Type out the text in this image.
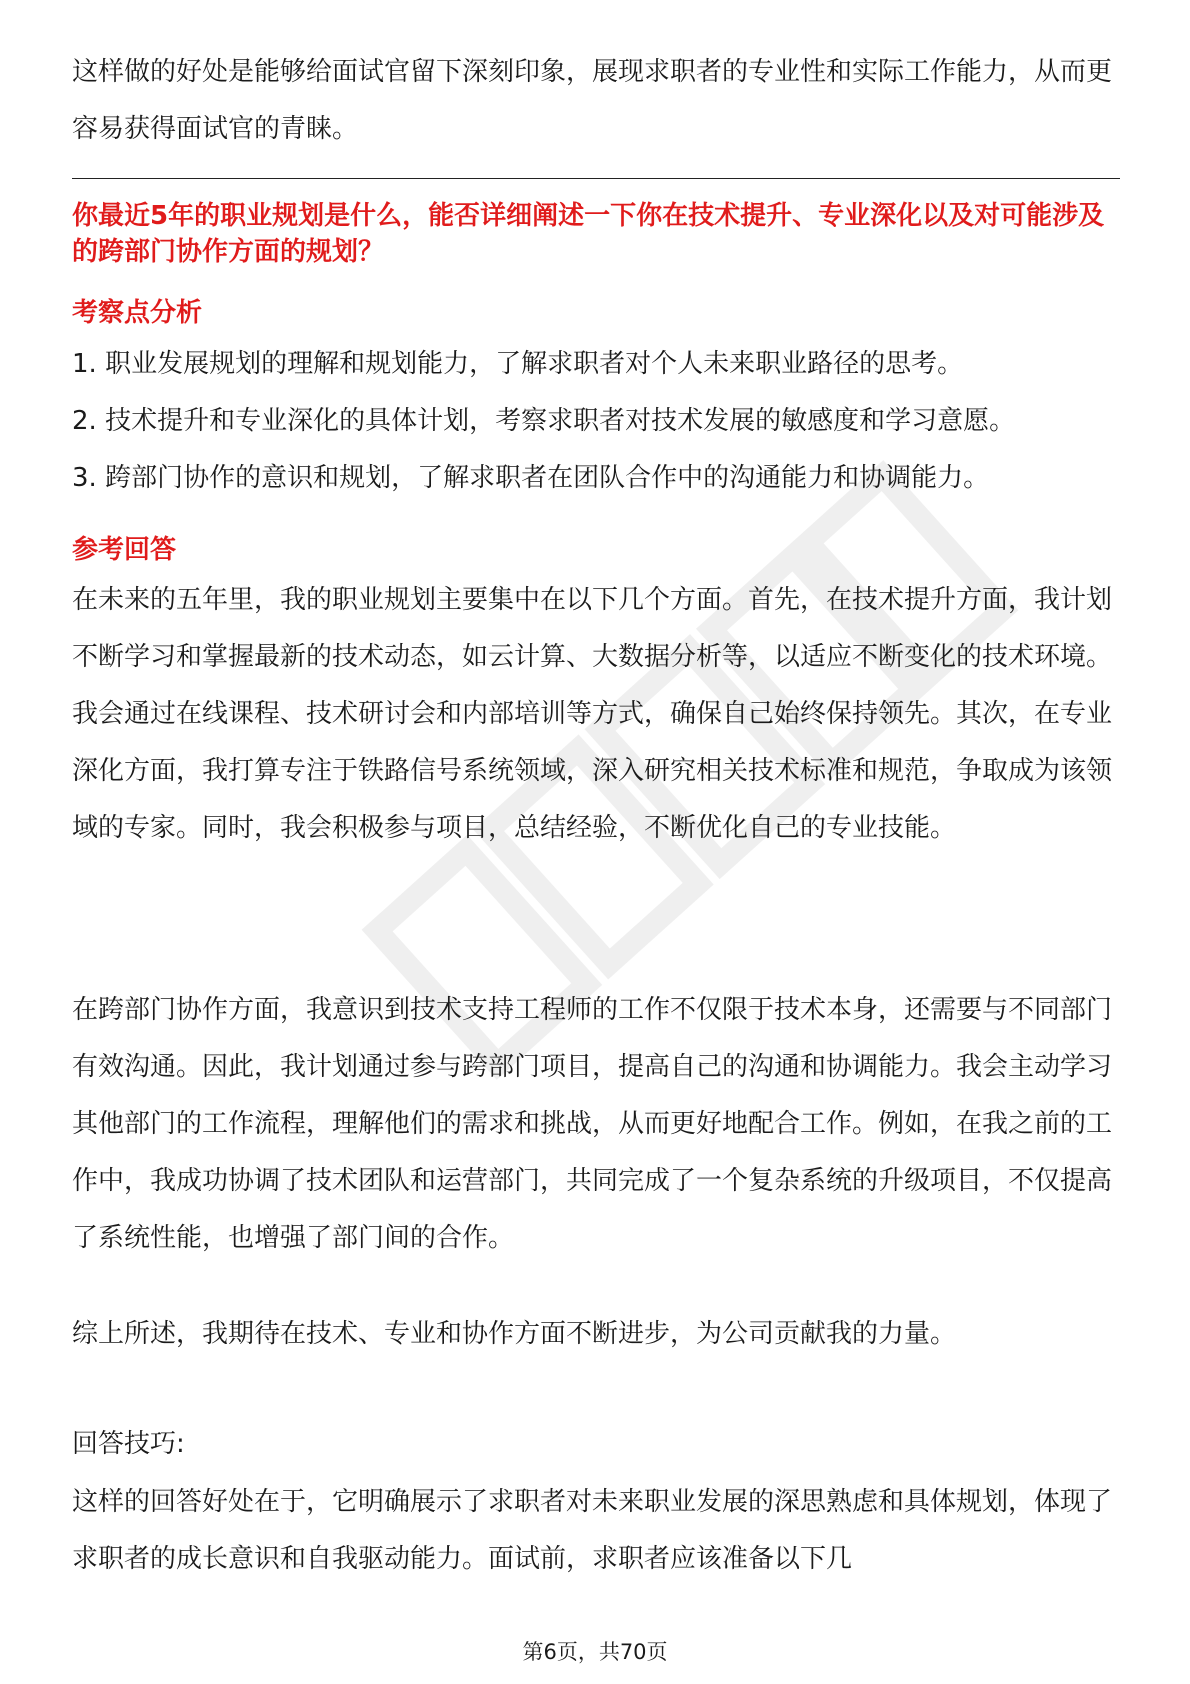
这样做的好处是能够给面试官留下深刻印象，展现求职者的专业性和实际工作能力，从而更容易获得面试官的青睐。

你最近5年的职业规划是什么，能否详细阐述一下你在技术提升、专业深化以及对可能涉及的跨部门协作方面的规划？

考察点分析

1. 职业发展规划的理解和规划能力，了解求职者对个人未来职业路径的思考。
2. 技术提升和专业深化的具体计划，考察求职者对技术发展的敏感度和学习意愿。
3. 跨部门协作的意识和规划，了解求职者在团队合作中的沟通能力和协调能力。

参考回答

在未来的五年里，我的职业规划主要集中在以下几个方面。首先，在技术提升方面，我计划不断学习和掌握最新的技术动态，如云计算、大数据分析等，以适应不断变化的技术环境。我会通过在线课程、技术研讨会和内部培训等方式，确保自己始终保持领先。其次，在专业深化方面，我打算专注于铁路信号系统领域，深入研究相关技术标准和规范，争取成为该领域的专家。同时，我会积极参与项目，总结经验，不断优化自己的专业技能。

在跨部门协作方面，我意识到技术支持工程师的工作不仅限于技术本身，还需要与不同部门有效沟通。因此，我计划通过参与跨部门项目，提高自己的沟通和协调能力。我会主动学习其他部门的工作流程，理解他们的需求和挑战，从而更好地配合工作。例如，在我之前的工作中，我成功协调了技术团队和运营部门，共同完成了一个复杂系统的升级项目，不仅提高了系统性能，也增强了部门间的合作。

综上所述，我期待在技术、专业和协作方面不断进步，为公司贡献我的力量。

回答技巧:

这样的回答好处在于，它明确展示了求职者对未来职业发展的深思熟虑和具体规划，体现了求职者的成长意识和自我驱动能力。面试前，求职者应该准备以下几

第6页，共70页
